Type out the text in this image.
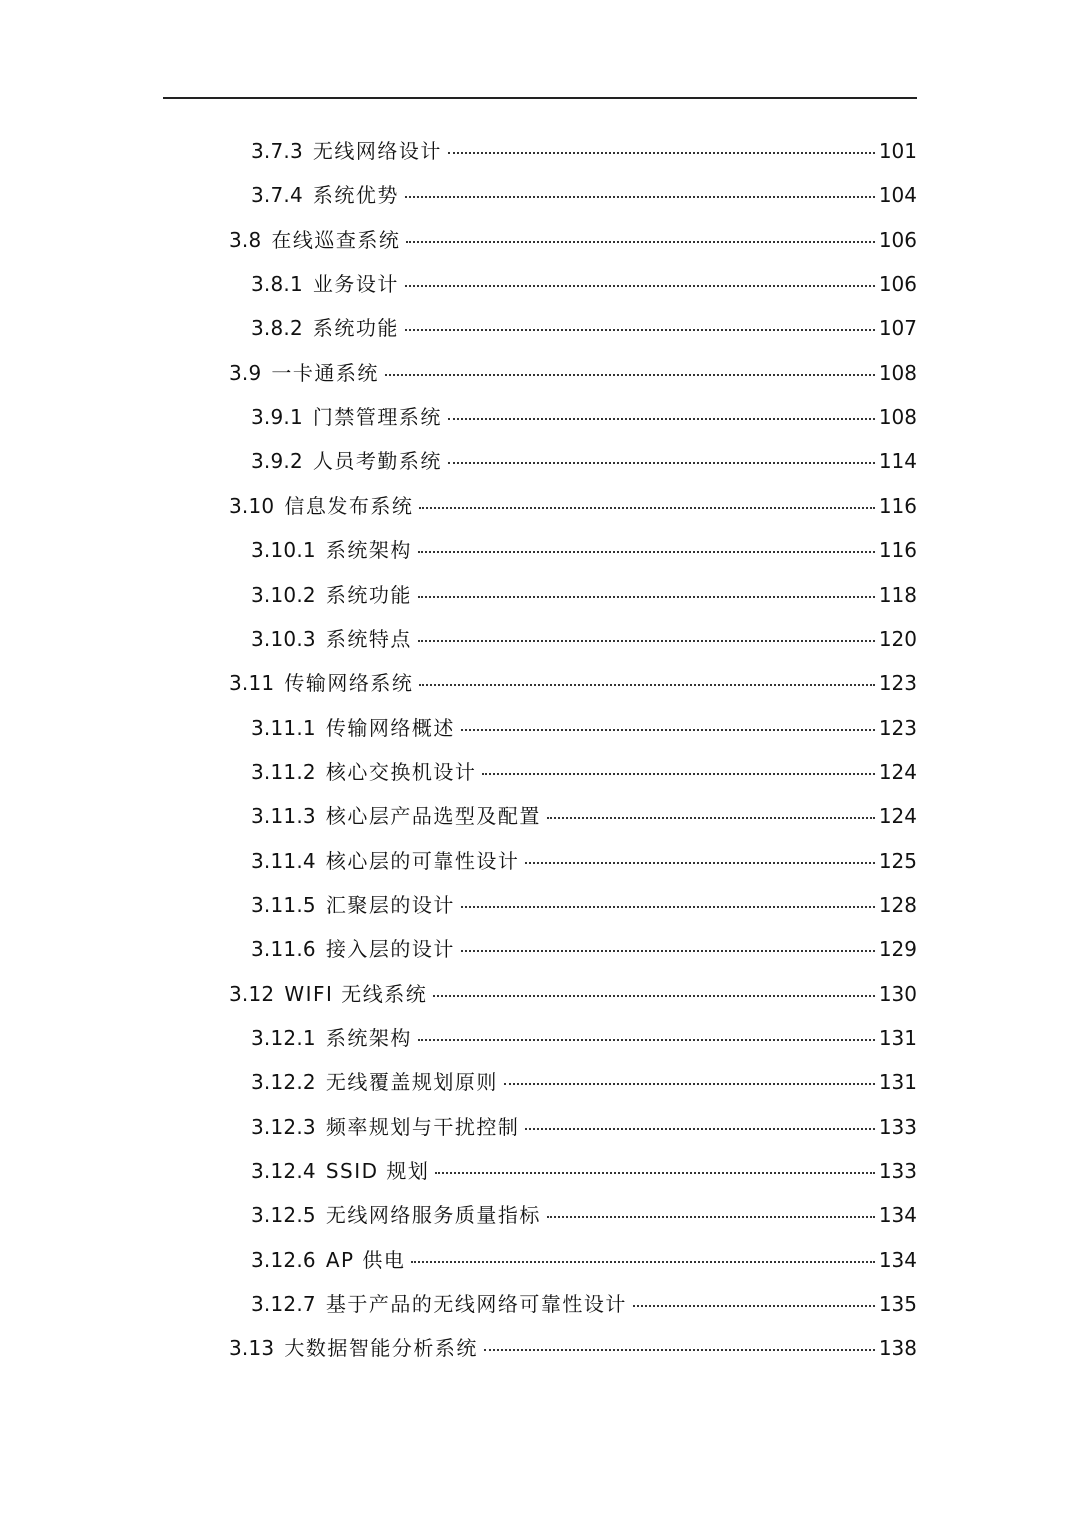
3.7.3 无线网络设计	101
3.7.4 系统优势	104
3.8 在线巡查系统	106
3.8.1 业务设计	106
3.8.2 系统功能	107
3.9 一卡通系统	108
3.9.1 门禁管理系统	108
3.9.2 人员考勤系统	114
3.10 信息发布系统	116
3.10.1 系统架构	116
3.10.2 系统功能	118
3.10.3 系统特点	120
3.11 传输网络系统	123
3.11.1 传输网络概述	123
3.11.2 核心交换机设计	124
3.11.3 核心层产品选型及配置	124
3.11.4 核心层的可靠性设计	125
3.11.5 汇聚层的设计	128
3.11.6 接入层的设计	129
3.12 WIFI 无线系统	130
3.12.1 系统架构	131
3.12.2 无线覆盖规划原则	131
3.12.3 频率规划与干扰控制	133
3.12.4 SSID 规划	133
3.12.5 无线网络服务质量指标	134
3.12.6 AP 供电	134
3.12.7 基于产品的无线网络可靠性设计	135
3.13 大数据智能分析系统	138
